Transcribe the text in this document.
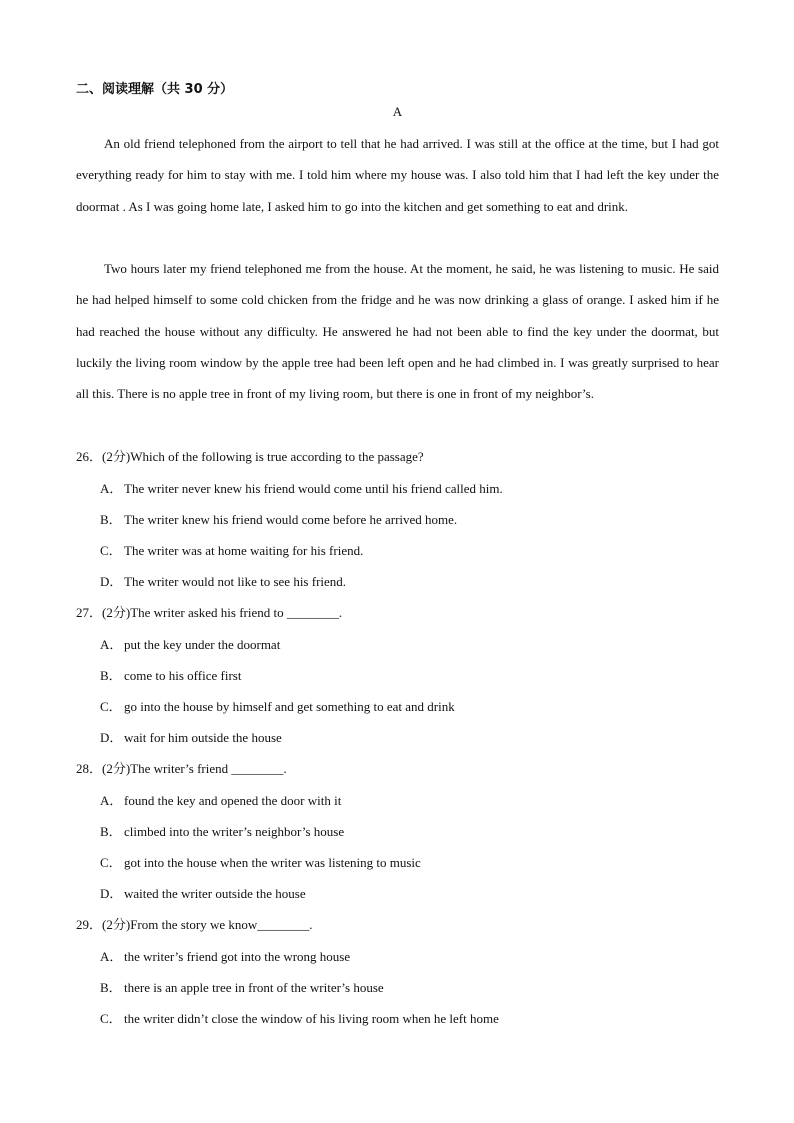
二、阅读理解（共 30 分）
A
An old friend telephoned from the airport to tell that he had arrived. I was still at the office at the time, but I had got everything ready for him to stay with me. I told him where my house was. I also told him that I had left the key under the doormat . As I was going home late, I asked him to go into the kitchen and get something to eat and drink.
Two hours later my friend telephoned me from the house. At the moment, he said, he was listening to music. He said he had helped himself to some cold chicken from the fridge and he was now drinking a glass of orange. I asked him if he had reached the house without any difficulty. He answered he had not been able to find the key under the doormat, but luckily the living room window by the apple tree had been left open and he had climbed in. I was greatly surprised to hear all this. There is no apple tree in front of my living room, but there is one in front of my neighbor’s.
26．(2分)Which of the following is true according to the passage?
A． The writer never knew his friend would come until his friend called him.
B． The writer knew his friend would come before he arrived home.
C． The writer was at home waiting for his friend.
D． The writer would not like to see his friend.
27．(2分)The writer asked his friend to ________.
A． put the key under the doormat
B． come to his office first
C． go into the house by himself and get something to eat and drink
D． wait for him outside the house
28．(2分)The writer’s friend ________.
A． found the key and opened the door with it
B． climbed into the writer’s neighbor’s house
C． got into the house when the writer was listening to music
D． waited the writer outside the house
29．(2分)From the story we know________.
A． the writer’s friend got into the wrong house
B． there is an apple tree in front of the writer’s house
C． the writer didn’t close the window of his living room when he left home
